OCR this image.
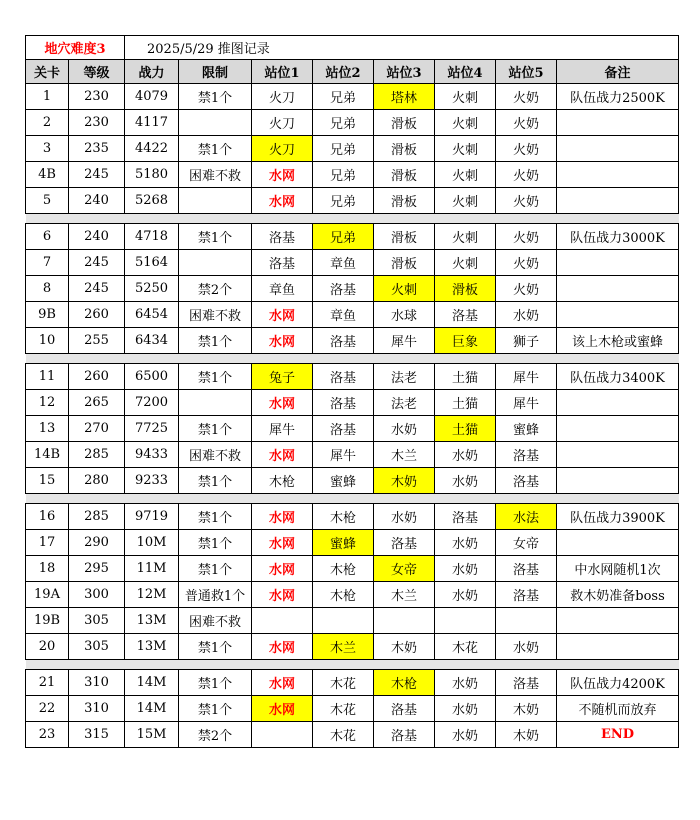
地穴难度3		2025/5/29 推图记录							
关卡	等级	战力	限制	站位1	站位2	站位3	站位4	站位5	备注
1	230	4079	禁1个	火刀	兄弟	塔林	火刺	火奶	队伍战力2500K
2	230	4117		火刀	兄弟	滑板	火刺	火奶	
3	235	4422	禁1个	火刀	兄弟	滑板	火刺	火奶	
4B	245	5180	困难不救	水网	兄弟	滑板	火刺	火奶	
5	240	5268		水网	兄弟	滑板	火刺	火奶	

6	240	4718	禁1个	洛基	兄弟	滑板	火刺	火奶	队伍战力3000K
7	245	5164		洛基	章鱼	滑板	火刺	火奶	
8	245	5250	禁2个	章鱼	洛基	火刺	滑板	火奶	
9B	260	6454	困难不救	水网	章鱼	水球	洛基	水奶	
10	255	6434	禁1个	水网	洛基	犀牛	巨象	狮子	该上木枪或蜜蜂

11	260	6500	禁1个	兔子	洛基	法老	土猫	犀牛	队伍战力3400K
12	265	7200		水网	洛基	法老	土猫	犀牛	
13	270	7725	禁1个	犀牛	洛基	水奶	土猫	蜜蜂	
14B	285	9433	困难不救	水网	犀牛	木兰	水奶	洛基	
15	280	9233	禁1个	木枪	蜜蜂	木奶	水奶	洛基	

16	285	9719	禁1个	水网	木枪	水奶	洛基	水法	队伍战力3900K
17	290	10M	禁1个	水网	蜜蜂	洛基	水奶	女帝	
18	295	11M	禁1个	水网	木枪	女帝	水奶	洛基	中水网随机1次
19A	300	12M	普通救1个	水网	木枪	木兰	水奶	洛基	救木奶准备boss
19B	305	13M	困难不救						
20	305	13M	禁1个	水网	木兰	木奶	木花	水奶	

21	310	14M	禁1个	水网	木花	木枪	水奶	洛基	队伍战力4200K
22	310	14M	禁1个	水网	木花	洛基	水奶	木奶	不随机而放弃
23	315	15M	禁2个		木花	洛基	水奶	木奶	END
